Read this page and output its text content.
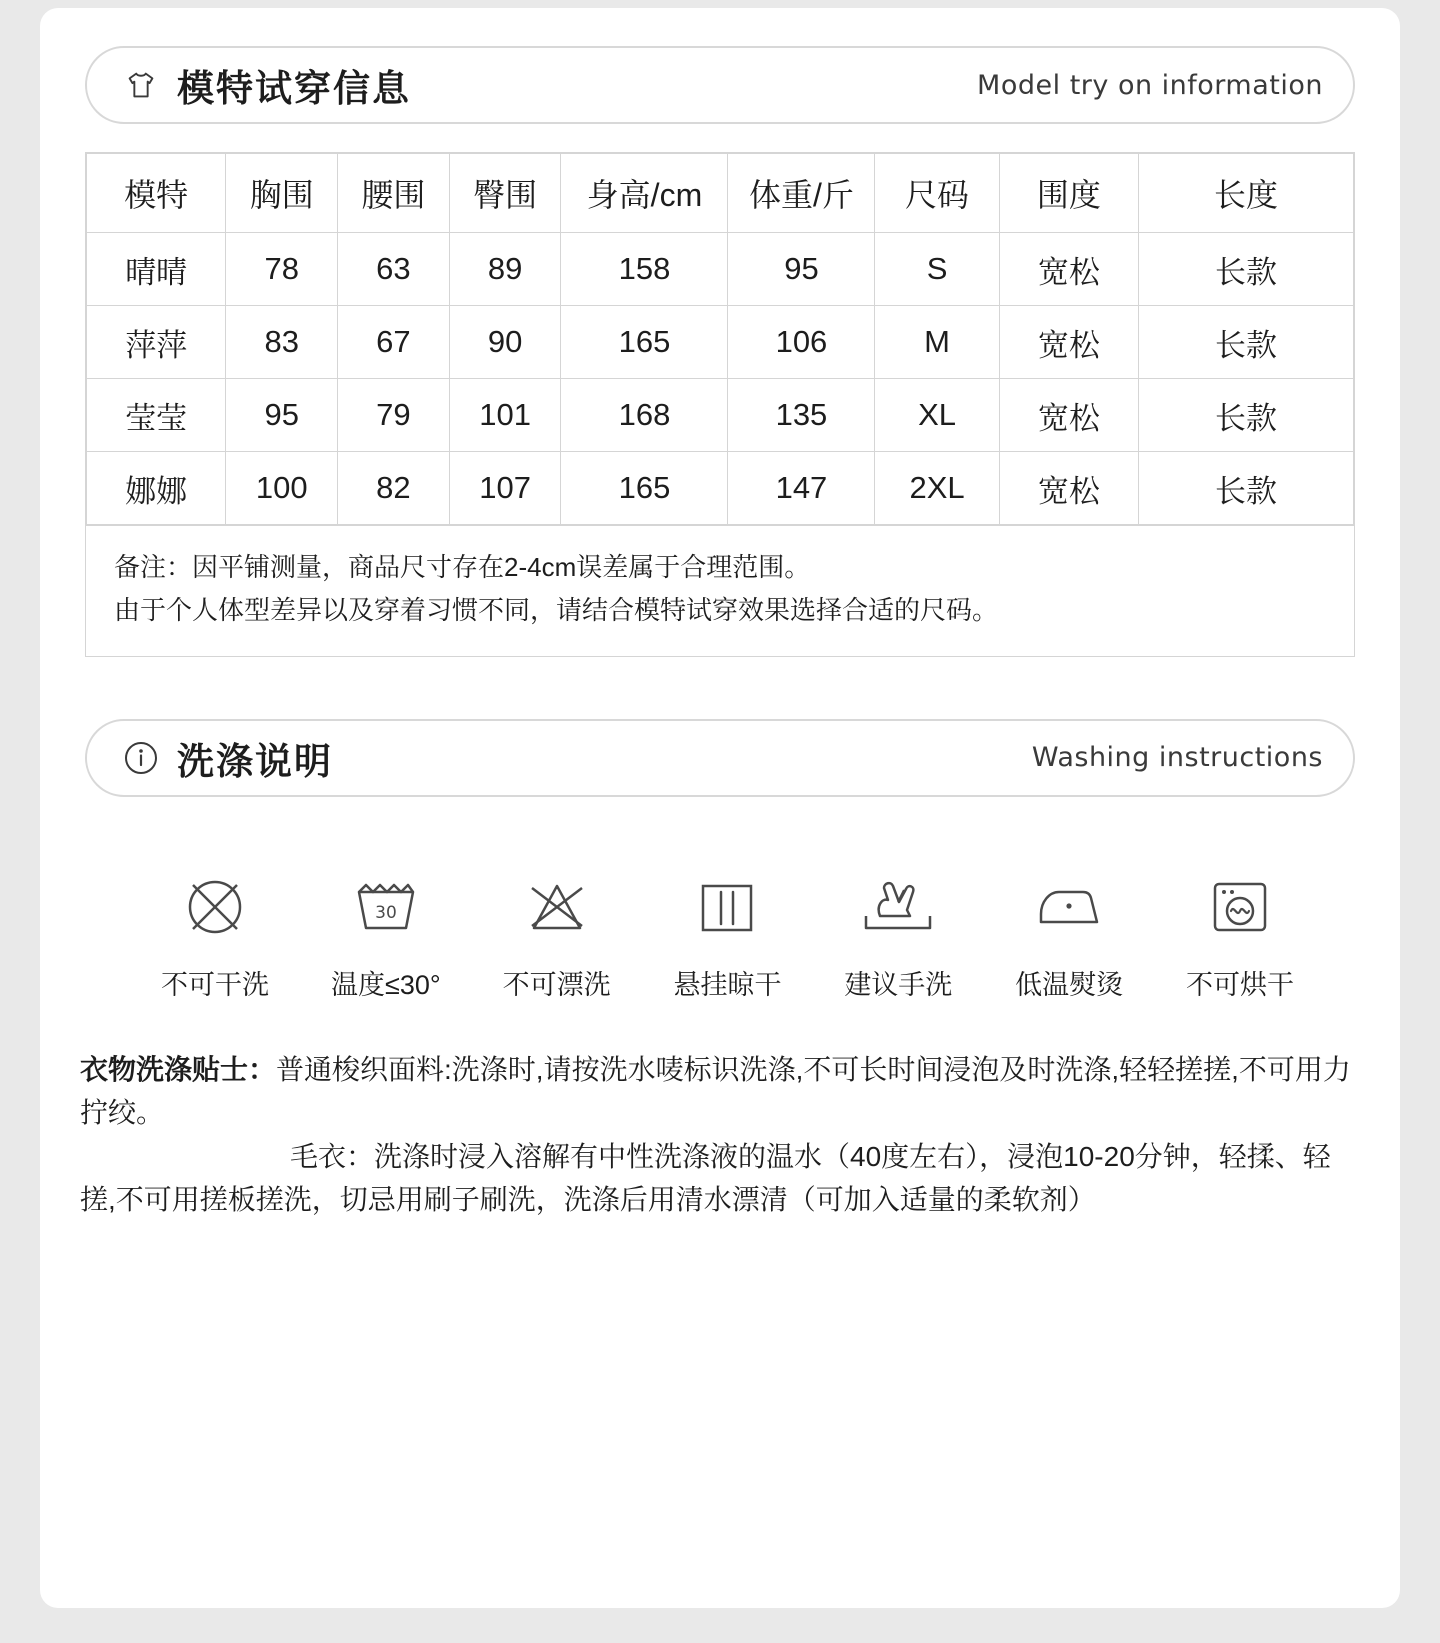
模特试穿信息	Model try on information
模特	胸围	腰围	臀围	身高/cm	体重/斤	尺码	围度	长度
晴晴	78	63	89	158	95	S	宽松	长款
萍萍	83	67	90	165	106	M	宽松	长款
莹莹	95	79	101	168	135	XL	宽松	长款
娜娜	100	82	107	165	147	2XL	宽松	长款
备注：因平铺测量，商品尺寸存在2-4cm误差属于合理范围。
由于个人体型差异以及穿着习惯不同，请结合模特试穿效果选择合适的尺码。
洗涤说明	Washing instructions
不可干洗
30
温度≤30° 不可漂洗 悬挂晾干 建议手洗 低温熨烫 不可烘干
衣物洗涤贴士：普通梭织面料:洗涤时,请按洗水唛标识洗涤,不可长时间浸泡及时洗涤,轻轻搓搓,不可用力拧绞。
毛衣：洗涤时浸入溶解有中性洗涤液的温水（40度左右），浸泡10-20分钟，轻揉、轻搓,不可用搓板搓洗，切忌用刷子刷洗，洗涤后用清水漂清（可加入适量的柔软剂）
